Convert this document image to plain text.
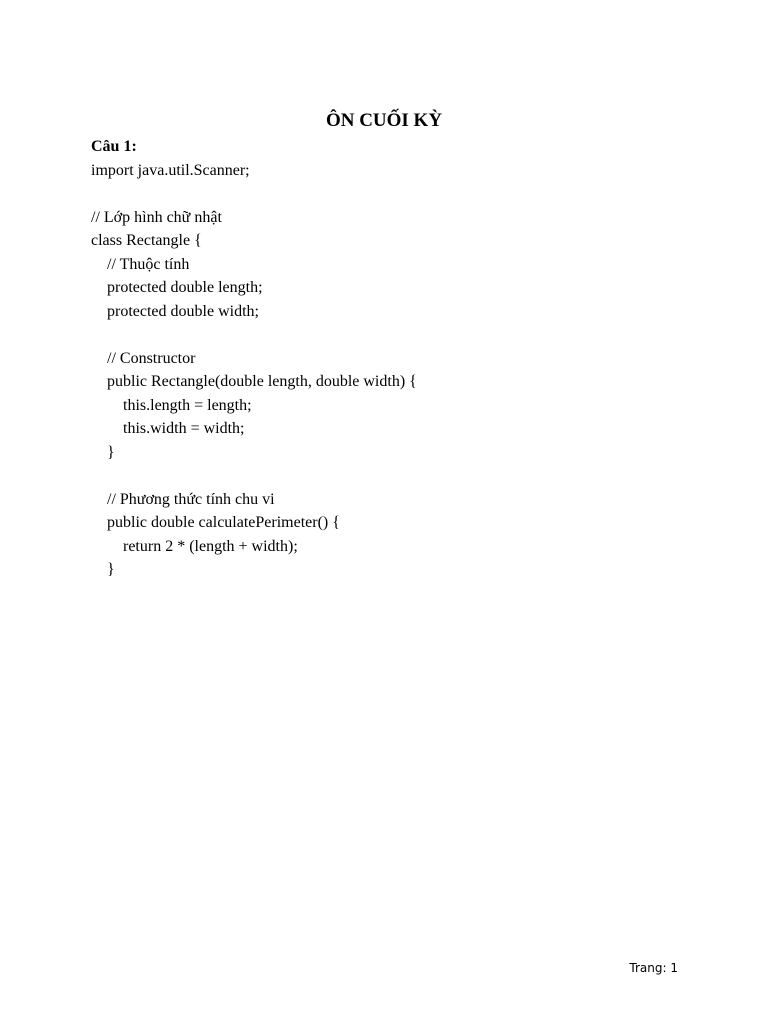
ÔN CUỐI KỲ
Câu 1:
import java.util.Scanner;
// Lớp hình chữ nhật
class Rectangle {
// Thuộc tính
protected double length;
protected double width;
// Constructor
public Rectangle(double length, double width) {
this.length = length;
this.width = width;
}
// Phương thức tính chu vi
public double calculatePerimeter() {
return 2 * (length + width);
}
Trang: 1
